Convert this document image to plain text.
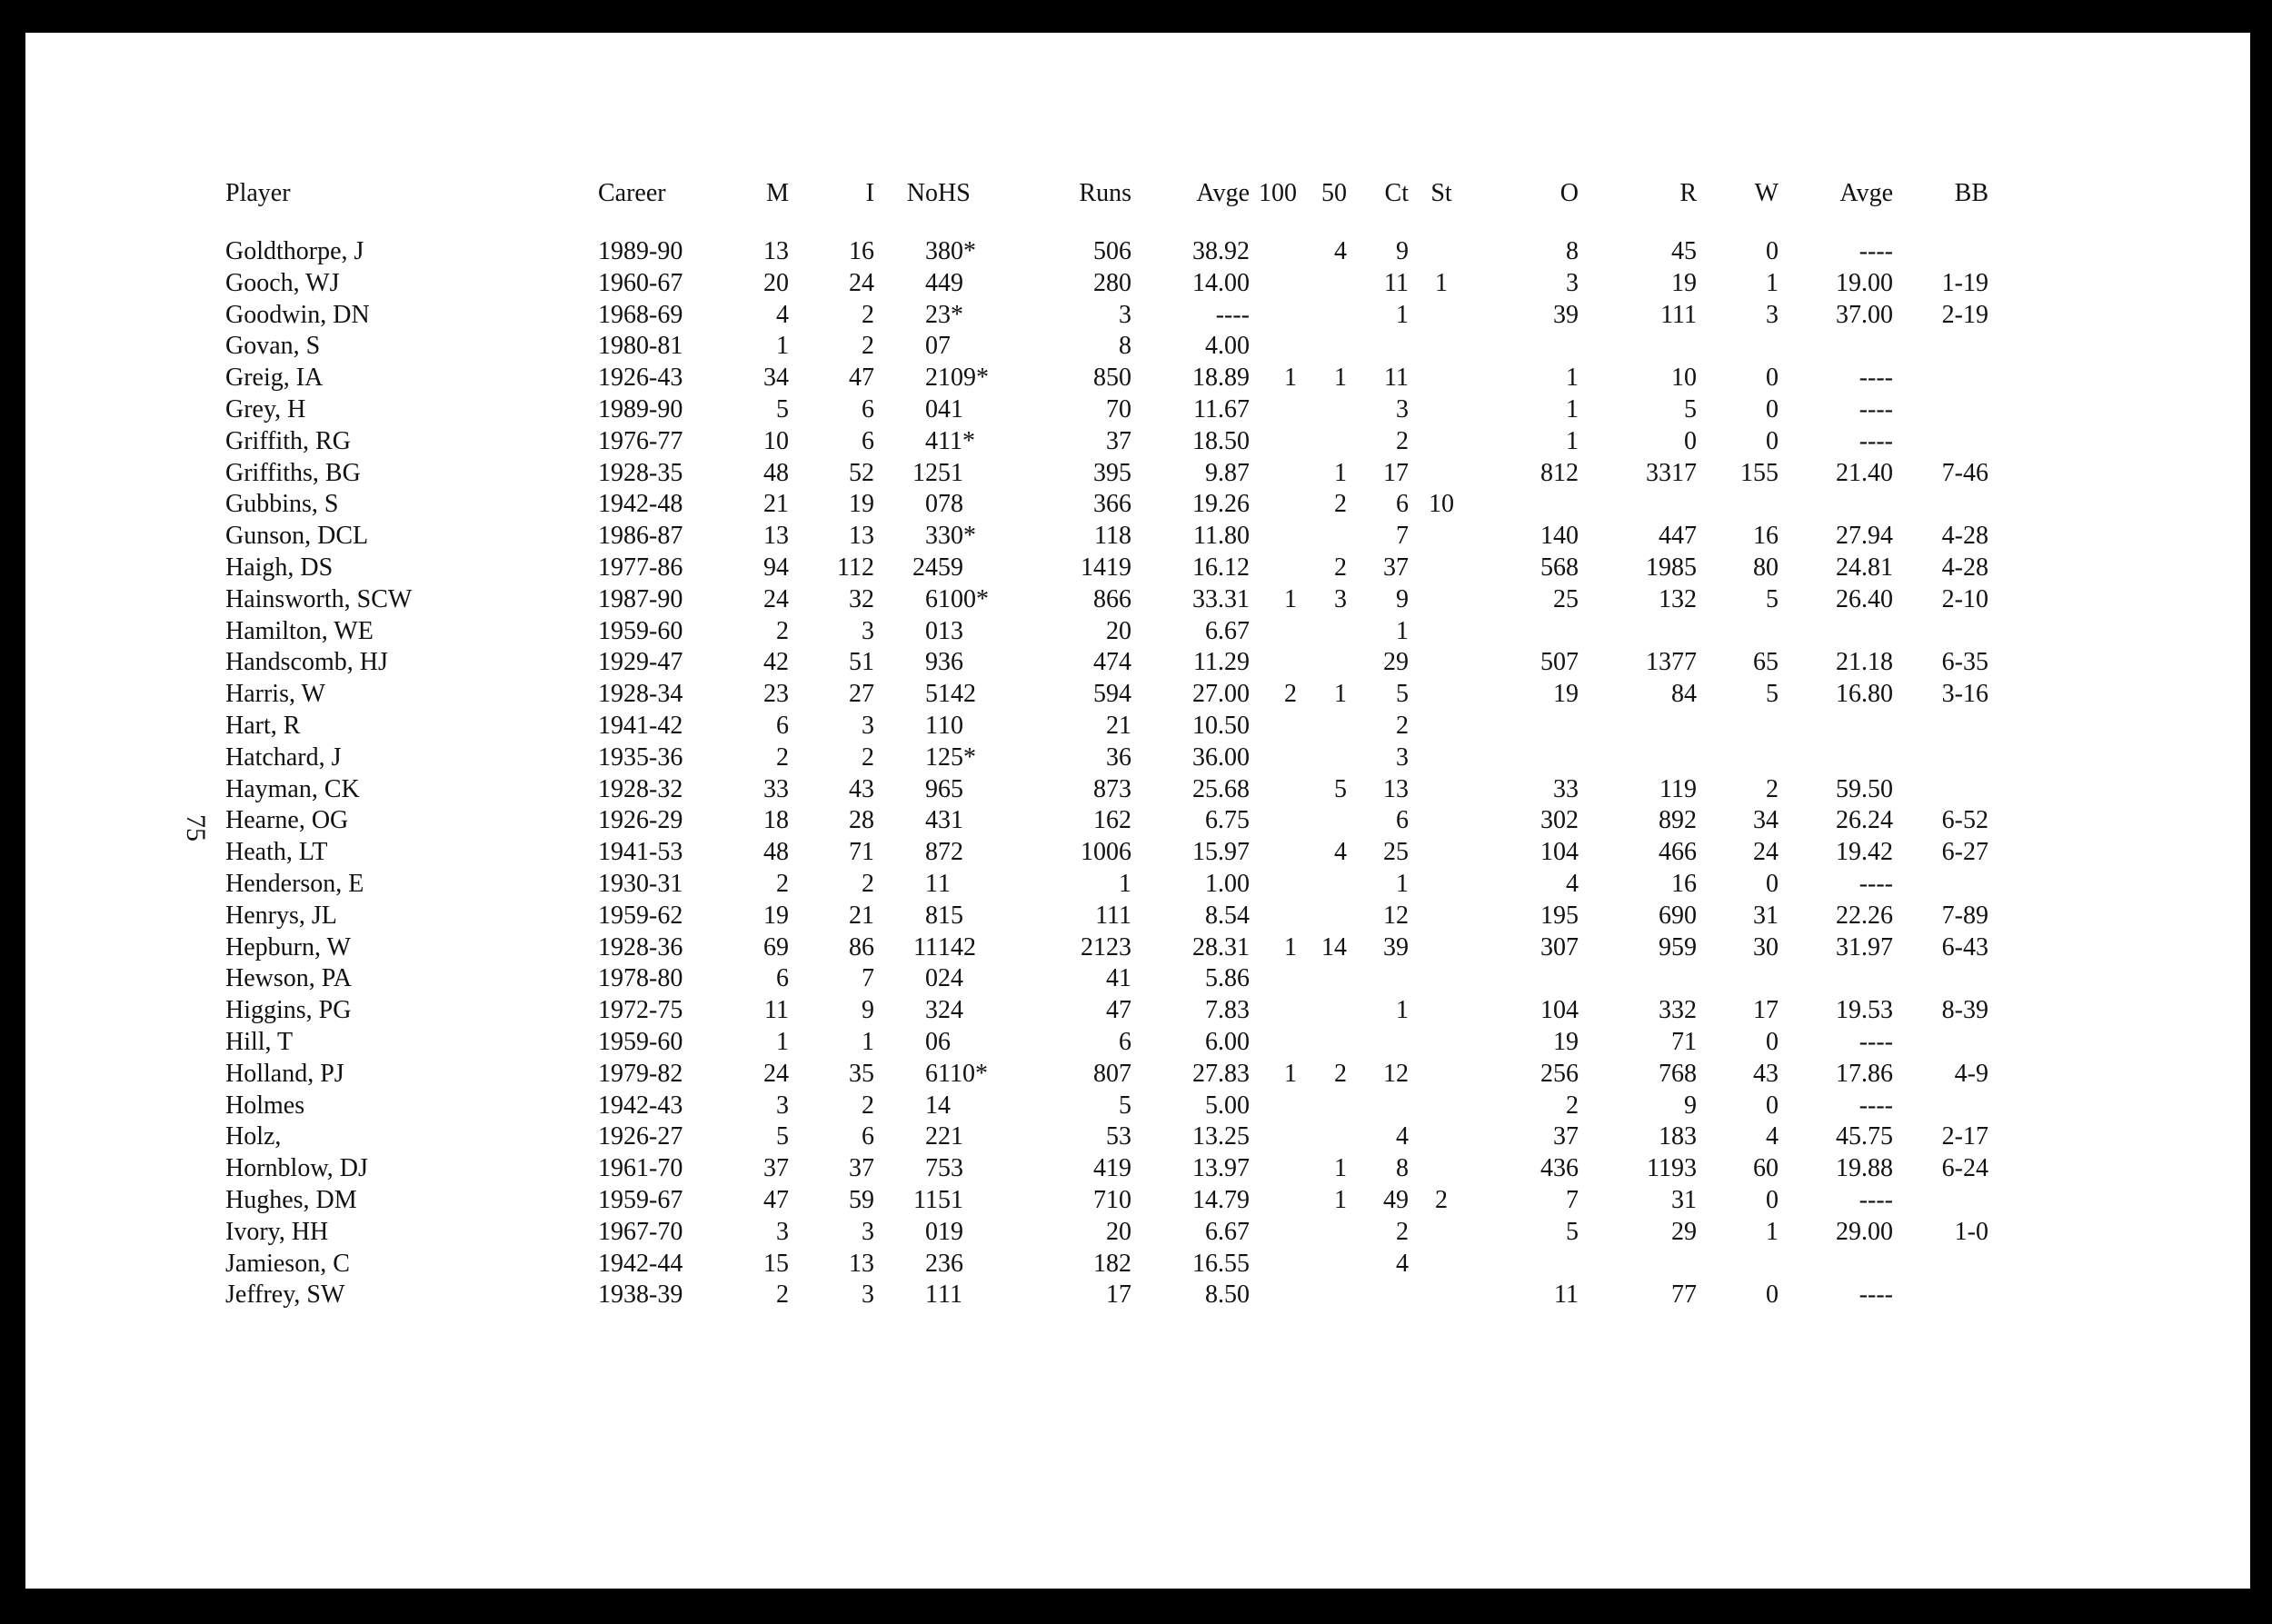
75
Player	Career	M	I	No	HS	Runs	Avge	100	50	Ct	St	O	R	W	Avge	BB

Goldthorpe, J	1989-90	13	16	3	80*	506	38.92		4	9		8	45	0	----	
Gooch, WJ	1960-67	20	24	4	49	280	14.00			11	1	3	19	1	19.00	1-19
Goodwin, DN	1968-69	4	2	2	3*	3	----			1		39	111	3	37.00	2-19
Govan, S	1980-81	1	2	0	7	8	4.00									
Greig, IA	1926-43	34	47	2	109*	850	18.89	1	1	11		1	10	0	----	
Grey, H	1989-90	5	6	0	41	70	11.67			3		1	5	0	----	
Griffith, RG	1976-77	10	6	4	11*	37	18.50			2		1	0	0	----	
Griffiths, BG	1928-35	48	52	12	51	395	9.87		1	17		812	3317	155	21.40	7-46
Gubbins, S	1942-48	21	19	0	78	366	19.26		2	6	10					
Gunson, DCL	1986-87	13	13	3	30*	118	11.80			7		140	447	16	27.94	4-28
Haigh, DS	1977-86	94	112	24	59	1419	16.12		2	37		568	1985	80	24.81	4-28
Hainsworth, SCW	1987-90	24	32	6	100*	866	33.31	1	3	9		25	132	5	26.40	2-10
Hamilton, WE	1959-60	2	3	0	13	20	6.67			1						
Handscomb, HJ	1929-47	42	51	9	36	474	11.29			29		507	1377	65	21.18	6-35
Harris, W	1928-34	23	27	5	142	594	27.00	2	1	5		19	84	5	16.80	3-16
Hart, R	1941-42	6	3	1	10	21	10.50			2						
Hatchard, J	1935-36	2	2	1	25*	36	36.00			3						
Hayman, CK	1928-32	33	43	9	65	873	25.68		5	13		33	119	2	59.50	
Hearne, OG	1926-29	18	28	4	31	162	6.75			6		302	892	34	26.24	6-52
Heath, LT	1941-53	48	71	8	72	1006	15.97		4	25		104	466	24	19.42	6-27
Henderson, E	1930-31	2	2	1	1	1	1.00			1		4	16	0	----	
Henrys, JL	1959-62	19	21	8	15	111	8.54			12		195	690	31	22.26	7-89
Hepburn, W	1928-36	69	86	11	142	2123	28.31	1	14	39		307	959	30	31.97	6-43
Hewson, PA	1978-80	6	7	0	24	41	5.86									
Higgins, PG	1972-75	11	9	3	24	47	7.83			1		104	332	17	19.53	8-39
Hill, T	1959-60	1	1	0	6	6	6.00					19	71	0	----	
Holland, PJ	1979-82	24	35	6	110*	807	27.83	1	2	12		256	768	43	17.86	4-9
Holmes	1942-43	3	2	1	4	5	5.00					2	9	0	----	
Holz,	1926-27	5	6	2	21	53	13.25			4		37	183	4	45.75	2-17
Hornblow, DJ	1961-70	37	37	7	53	419	13.97		1	8		436	1193	60	19.88	6-24
Hughes, DM	1959-67	47	59	11	51	710	14.79		1	49	2	7	31	0	----	
Ivory, HH	1967-70	3	3	0	19	20	6.67			2		5	29	1	29.00	1-0
Jamieson, C	1942-44	15	13	2	36	182	16.55			4						
Jeffrey, SW	1938-39	2	3	1	11	17	8.50					11	77	0	----	
